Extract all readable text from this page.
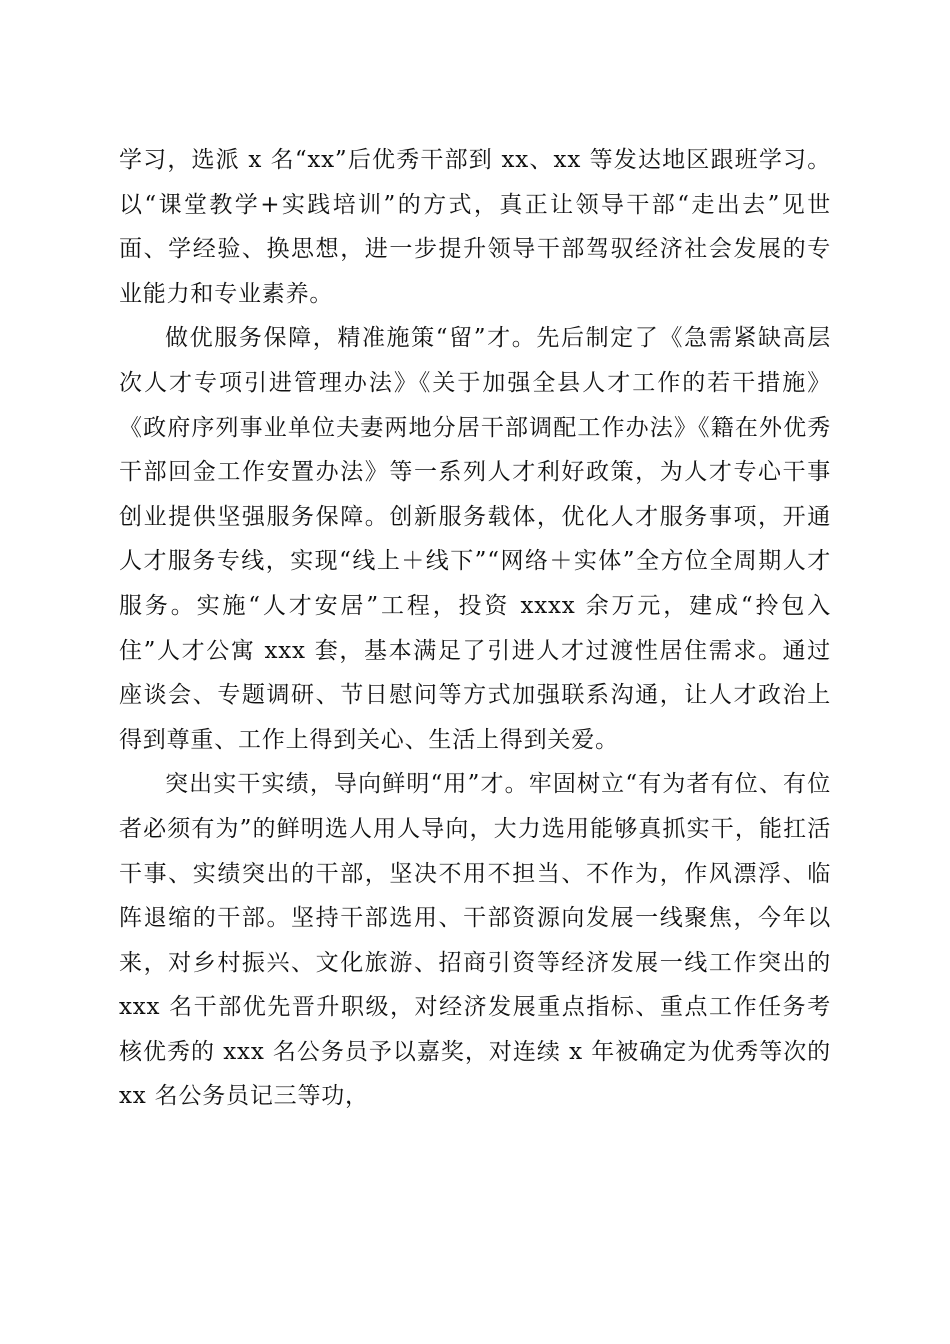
学习，选派 x 名“xx”后优秀干部到 xx、xx 等发达地区跟班学习。以“课堂教学+实践培训”的方式，真正让领导干部“走出去”见世面、学经验、换思想，进一步提升领导干部驾驭经济社会发展的专业能力和专业素养。

做优服务保障，精准施策“留”才。先后制定了《急需紧缺高层次人才专项引进管理办法》《关于加强全县人才工作的若干措施》《政府序列事业单位夫妻两地分居干部调配工作办法》《籍在外优秀干部回金工作安置办法》等一系列人才利好政策，为人才专心干事创业提供坚强服务保障。创新服务载体，优化人才服务事项，开通人才服务专线，实现“线上＋线下”“网络＋实体”全方位全周期人才服务。实施“人才安居”工程，投资 xxxx 余万元，建成“拎包入住”人才公寓 xxx 套，基本满足了引进人才过渡性居住需求。通过座谈会、专题调研、节日慰问等方式加强联系沟通，让人才政治上得到尊重、工作上得到关心、生活上得到关爱。

突出实干实绩，导向鲜明“用”才。牢固树立“有为者有位、有位者必须有为”的鲜明选人用人导向，大力选用能够真抓实干，能扛活干事、实绩突出的干部，坚决不用不担当、不作为，作风漂浮、临阵退缩的干部。坚持干部选用、干部资源向发展一线聚焦，今年以来，对乡村振兴、文化旅游、招商引资等经济发展一线工作突出的 xxx 名干部优先晋升职级，对经济发展重点指标、重点工作任务考核优秀的 xxx 名公务员予以嘉奖，对连续 x 年被确定为优秀等次的 xx 名公务员记三等功，
